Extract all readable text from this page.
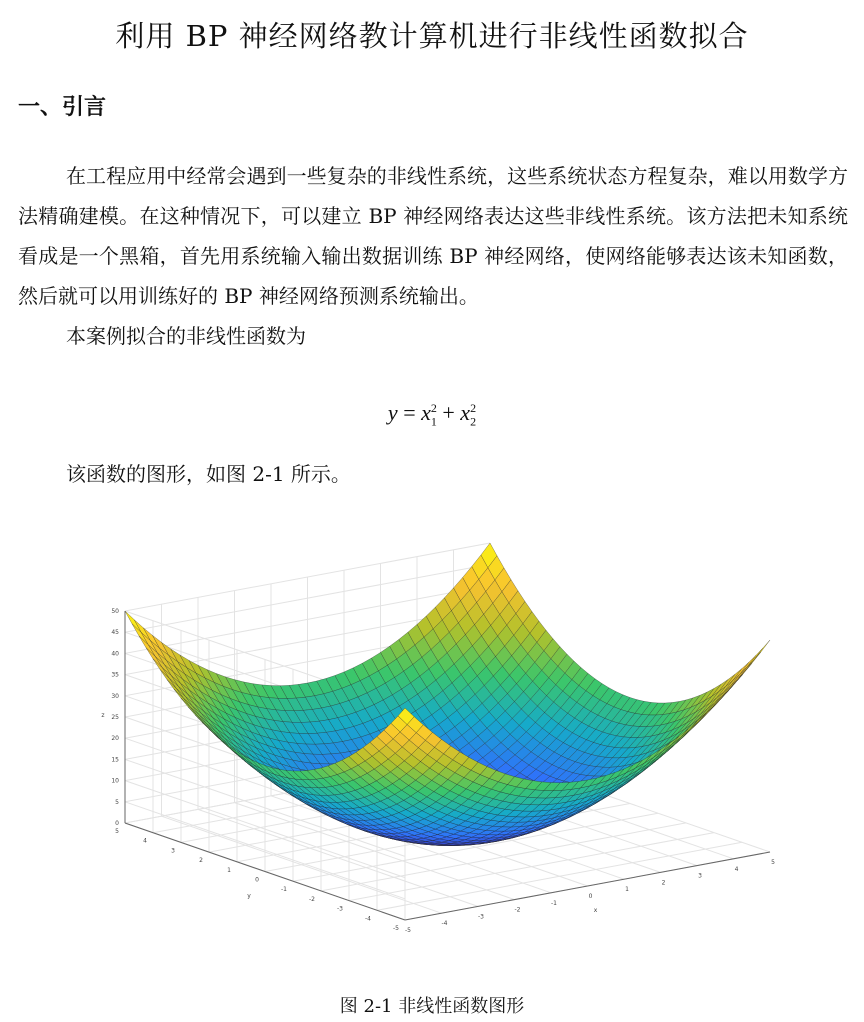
利用 BP 神经网络教计算机进行非线性函数拟合
一、引言

在工程应用中经常会遇到一些复杂的非线性系统，这些系统状态方程复杂，难以用数学方法精确建模。在这种情况下，可以建立 BP 神经网络表达这些非线性系统。该方法把未知系统看成是一个黑箱，首先用系统输入输出数据训练 BP 神经网络，使网络能够表达该未知函数，然后就可以用训练好的 BP 神经网络预测系统输出。

本案例拟合的非线性函数为

$y = x_1^2 + x_2^2$
该函数的图形，如图 2-1 所示。
0
5
10
15
20
25
30
35
40
45
50
-5
-4
-3
-2
-1
0
1
2
3
4
5
-5
-4
-3
-2
-1
0
1
2
3
4
5
x
y
z
图 2-1 非线性函数图形
